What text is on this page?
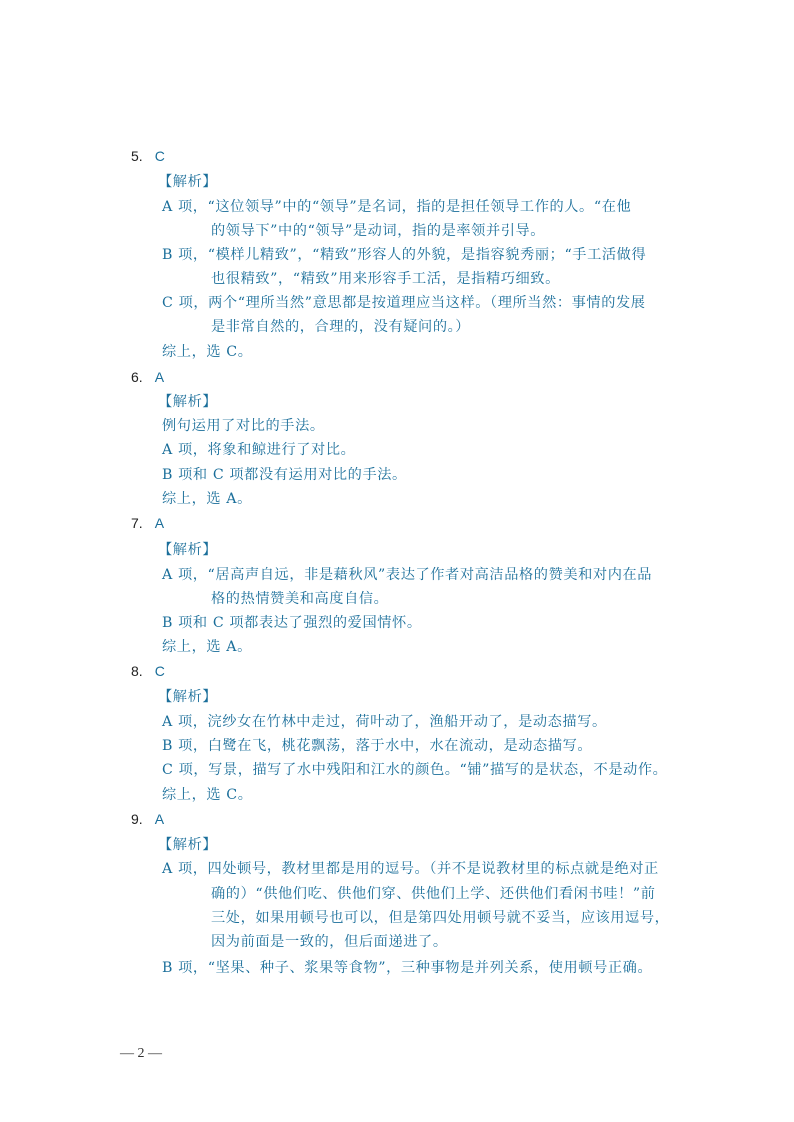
5. C
【解析】
A 项，“这位领导”中的“领导”是名词，指的是担任领导工作的人。“在他
的领导下”中的“领导”是动词，指的是率领并引导。
B 项，“模样儿精致”，“精致”形容人的外貌，是指容貌秀丽；“手工活做得
也很精致”，“精致”用来形容手工活，是指精巧细致。
C 项，两个“理所当然”意思都是按道理应当这样。（理所当然：事情的发展
是非常自然的，合理的，没有疑问的。）
综上，选 C。
6. A
【解析】
例句运用了对比的手法。
A 项，将象和鲸进行了对比。
B 项和 C 项都没有运用对比的手法。
综上，选 A。
7. A
【解析】
A 项，“居高声自远，非是藉秋风”表达了作者对高洁品格的赞美和对内在品
格的热情赞美和高度自信。
B 项和 C 项都表达了强烈的爱国情怀。
综上，选 A。
8. C
【解析】
A 项，浣纱女在竹林中走过，荷叶动了，渔船开动了，是动态描写。
B 项，白鹭在飞，桃花飘荡，落于水中，水在流动，是动态描写。
C 项，写景，描写了水中残阳和江水的颜色。“铺”描写的是状态，不是动作。
综上，选 C。
9. A
【解析】
A 项，四处顿号，教材里都是用的逗号。（并不是说教材里的标点就是绝对正
确的）“供他们吃、供他们穿、供他们上学、还供他们看闲书哇！”前
三处，如果用顿号也可以，但是第四处用顿号就不妥当，应该用逗号，
因为前面是一致的，但后面递进了。
B 项，“坚果、种子、浆果等食物”，三种事物是并列关系，使用顿号正确。
— 2 —
